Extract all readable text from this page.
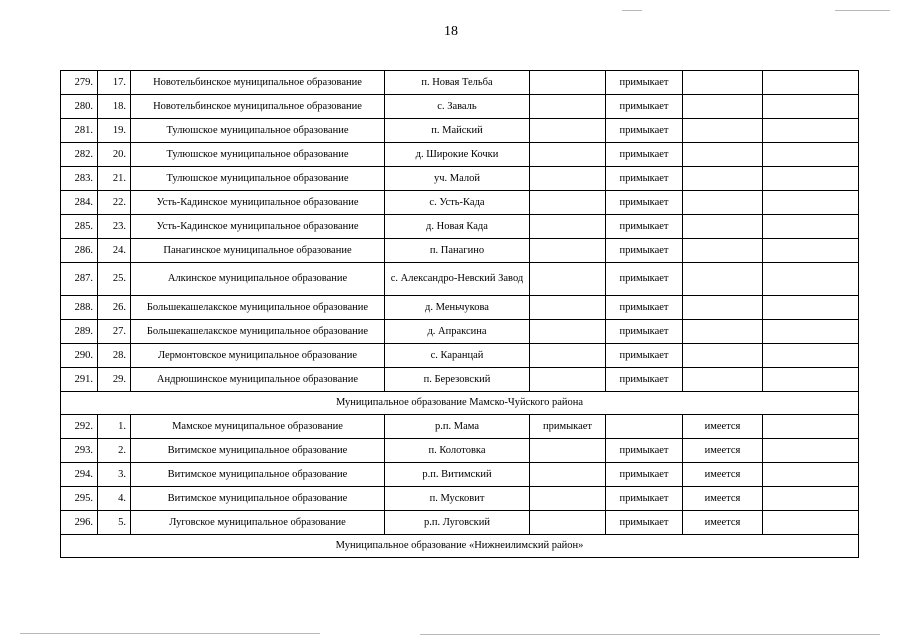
18
279.	17.	Новотельбинское муниципальное образование	п. Новая Тельба		примыкает		
280.	18.	Новотельбинское муниципальное образование	с. Заваль		примыкает		
281.	19.	Тулюшское муниципальное образование	п. Майский		примыкает		
282.	20.	Тулюшское муниципальное образование	д. Широкие Кочки		примыкает		
283.	21.	Тулюшское муниципальное образование	уч. Малой		примыкает		
284.	22.	Усть-Кадинское муниципальное образование	с. Усть-Када		примыкает		
285.	23.	Усть-Кадинское муниципальное образование	д. Новая Када		примыкает		
286.	24.	Панагинское муниципальное образование	п. Панагино		примыкает		
287.	25.	Алкинское муниципальное образование	с. Александро-Невский Завод		примыкает		
288.	26.	Большекашелакское муниципальное образование	д. Меньчукова		примыкает		
289.	27.	Большекашелакское муниципальное образование	д. Апраксина		примыкает		
290.	28.	Лермонтовское муниципальное образование	с. Каранцай		примыкает		
291.	29.	Андрюшинское муниципальное образование	п. Березовский		примыкает		
Муниципальное образование Мамско-Чуйского района							
292.	1.	Мамское муниципальное образование	р.п. Мама	примыкает		имеется	
293.	2.	Витимское муниципальное образование	п. Колотовка		примыкает	имеется	
294.	3.	Витимское муниципальное образование	р.п. Витимский		примыкает	имеется	
295.	4.	Витимское муниципальное образование	п. Мусковит		примыкает	имеется	
296.	5.	Луговское муниципальное образование	р.п. Луговский		примыкает	имеется	
Муниципальное образование «Нижнеилимский район»							
